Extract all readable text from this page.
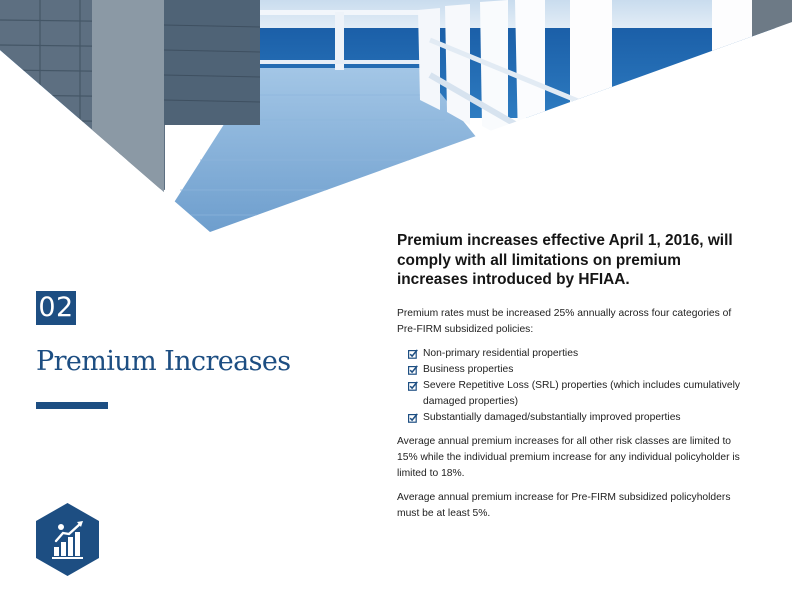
02
Premium Increases

Premium increases effective April 1, 2016, will comply with all limitations on premium increases introduced by HFIAA.

Premium rates must be increased 25% annually across four categories of Pre-FIRM subsidized policies:

Non-primary residential properties
Business properties
Severe Repetitive Loss (SRL) properties (which includes cumulatively damaged properties)
Substantially damaged/substantially improved properties

Average annual premium increases for all other risk classes are limited to 15% while the individual premium increase for any individual policyholder is limited to 18%.

Average annual premium increase for Pre-FIRM subsidized policyholders must be at least 5%.
